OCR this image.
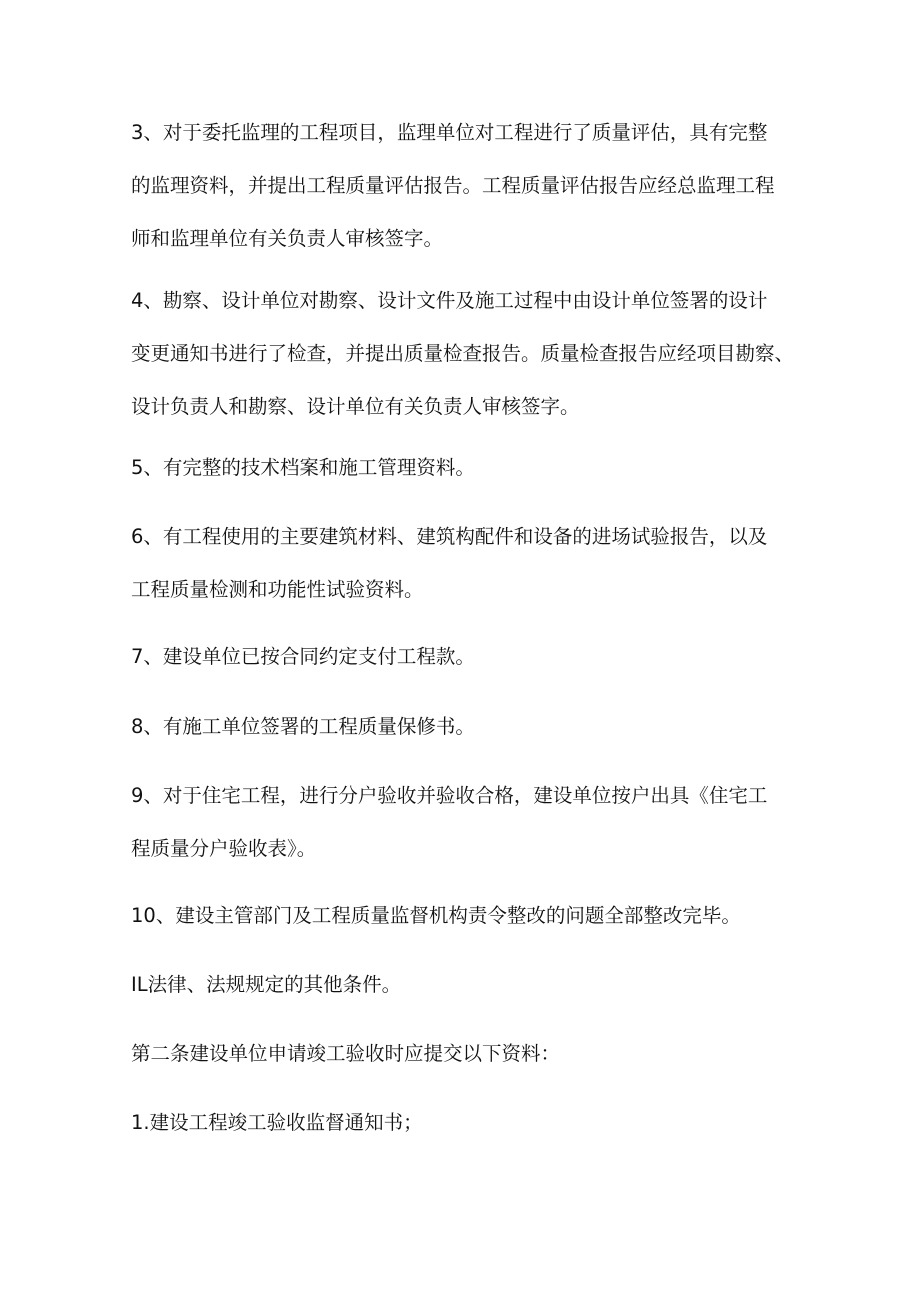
3、对于委托监理的工程项目，监理单位对工程进行了质量评估，具有完整
的监理资料，并提出工程质量评估报告。工程质量评估报告应经总监理工程
师和监理单位有关负责人审核签字。
4、勘察、设计单位对勘察、设计文件及施工过程中由设计单位签署的设计
变更通知书进行了检查，并提出质量检查报告。质量检查报告应经项目勘察、
设计负责人和勘察、设计单位有关负责人审核签字。
5、有完整的技术档案和施工管理资料。
6、有工程使用的主要建筑材料、建筑构配件和设备的进场试验报告，以及
工程质量检测和功能性试验资料。
7、建设单位已按合同约定支付工程款。
8、有施工单位签署的工程质量保修书。
9、对于住宅工程，进行分户验收并验收合格，建设单位按户出具《住宅工
程质量分户验收表》。
10、建设主管部门及工程质量监督机构责令整改的问题全部整改完毕。
IL法律、法规规定的其他条件。
第二条建设单位申请竣工验收时应提交以下资料：
1.建设工程竣工验收监督通知书；
